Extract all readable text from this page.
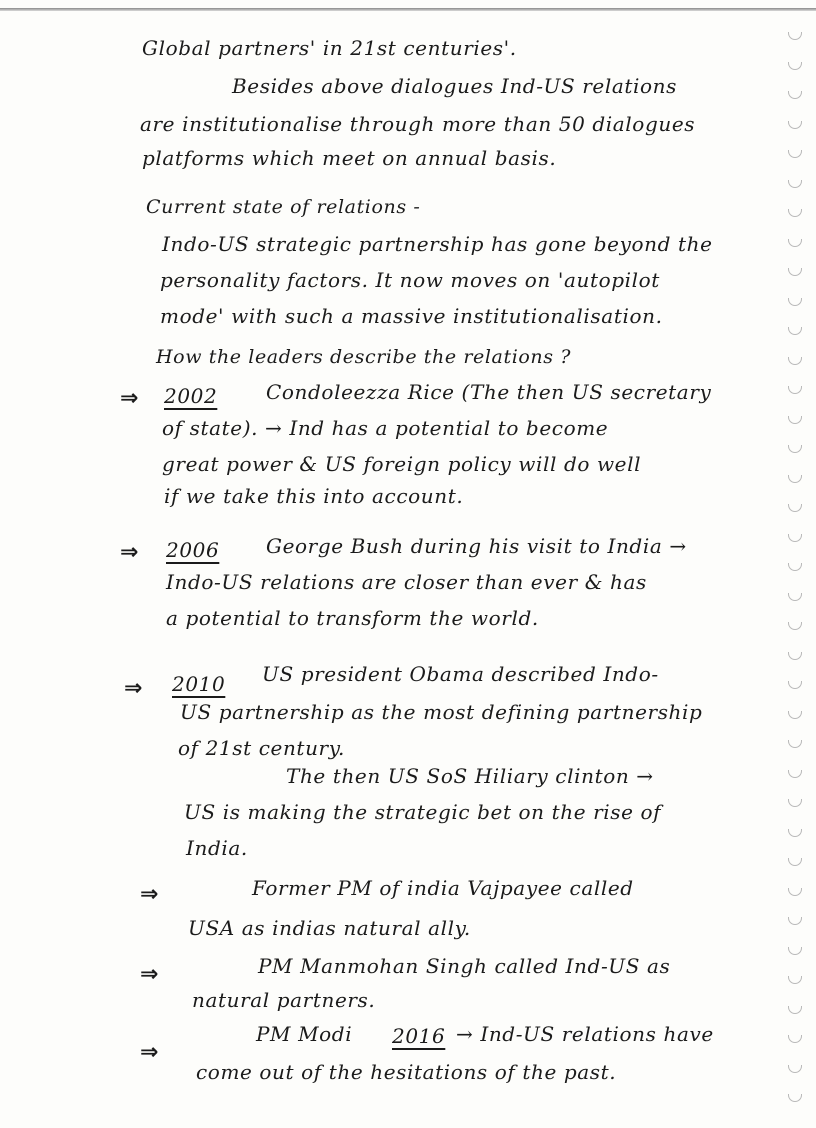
Global partners' in 21st centuries'.
Besides above dialogues Ind-US relations
are institutionalise through more than 50 dialogues
platforms which meet on annual basis.
Current state of relations -
Indo-US strategic partnership has gone beyond the
personality factors. It now moves on 'autopilot
mode' with such a massive institutionalisation.
How the leaders describe the relations ?
⇒ 2002 Condoleezza Rice (The then US secretary
of state). → Ind has a potential to become
great power & US foreign policy will do well
if we take this into account.
⇒ 2006 George Bush during his visit to India →
Indo-US relations are closer than ever & has
a potential to transform the world.
⇒ 2010 US president Obama described Indo-
US partnership as the most defining partnership
of 21st century.
The then US SoS Hiliary clinton →
US is making the strategic bet on the rise of
India.
⇒	Former PM of india Vajpayee called
USA as indias natural ally.
⇒	PM Manmohan Singh called Ind-US as
natural partners.
⇒
PM Modi 2016 → Ind-US relations have
come out of the hesitations of the past.
